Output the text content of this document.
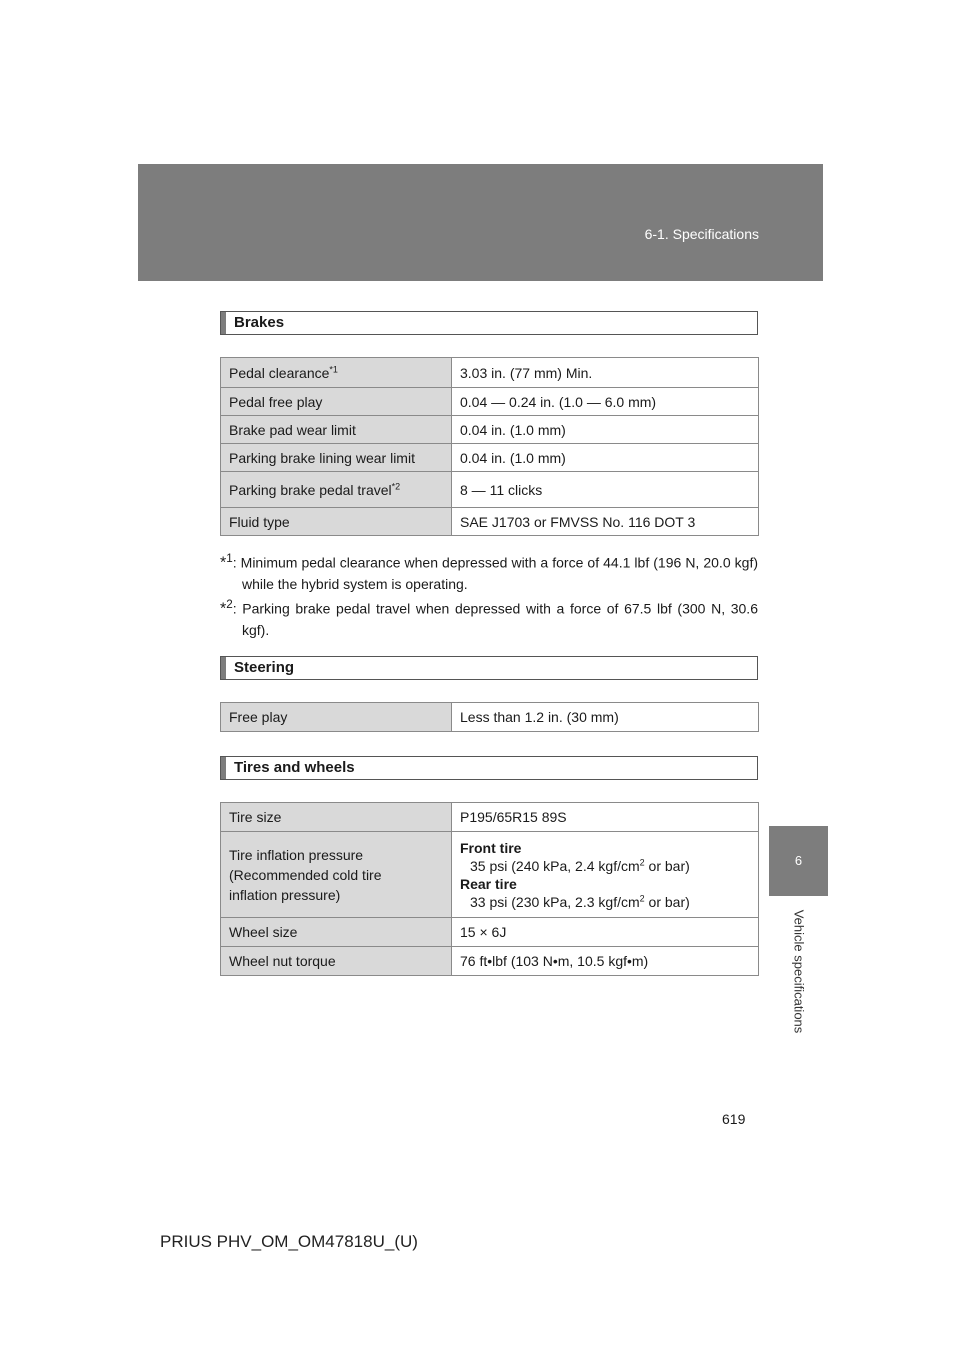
6-1. Specifications
6
Vehicle specifications
Brakes
Pedal clearance$^{*1}$	3.03 in. (77 mm) Min.
Pedal free play	0.04 — 0.24 in. (1.0 — 6.0 mm)
Brake pad wear limit	0.04 in. (1.0 mm)
Parking brake lining wear limit	0.04 in. (1.0 mm)
Parking brake pedal travel$^{*2}$	8 — 11 clicks
Fluid type	SAE J1703 or FMVSS No. 116 DOT 3
*$^1$: Minimum pedal clearance when depressed with a force of 44.1 lbf (196 N, 20.0 kgf) while the hybrid system is operating.
*$^2$: Parking brake pedal travel when depressed with a force of 67.5 lbf (300 N, 30.6 kgf).
Steering
Free play	Less than 1.2 in. (30 mm)
Tires and wheels
Tire size	P195/65R15 89S
Tire inflation pressure
(Recommended cold tire
inflation pressure)	Front tire
35 psi (240 kPa, 2.4 kgf/$cm^2$ or bar)
Rear tire
33 psi (230 kPa, 2.3 kgf/$cm^2$ or bar)

Wheel size	15 × 6J
Wheel nut torque	76 ft•lbf (103 N•m, 10.5 kgf•m)
619
PRIUS PHV_OM_OM47818U_(U)
